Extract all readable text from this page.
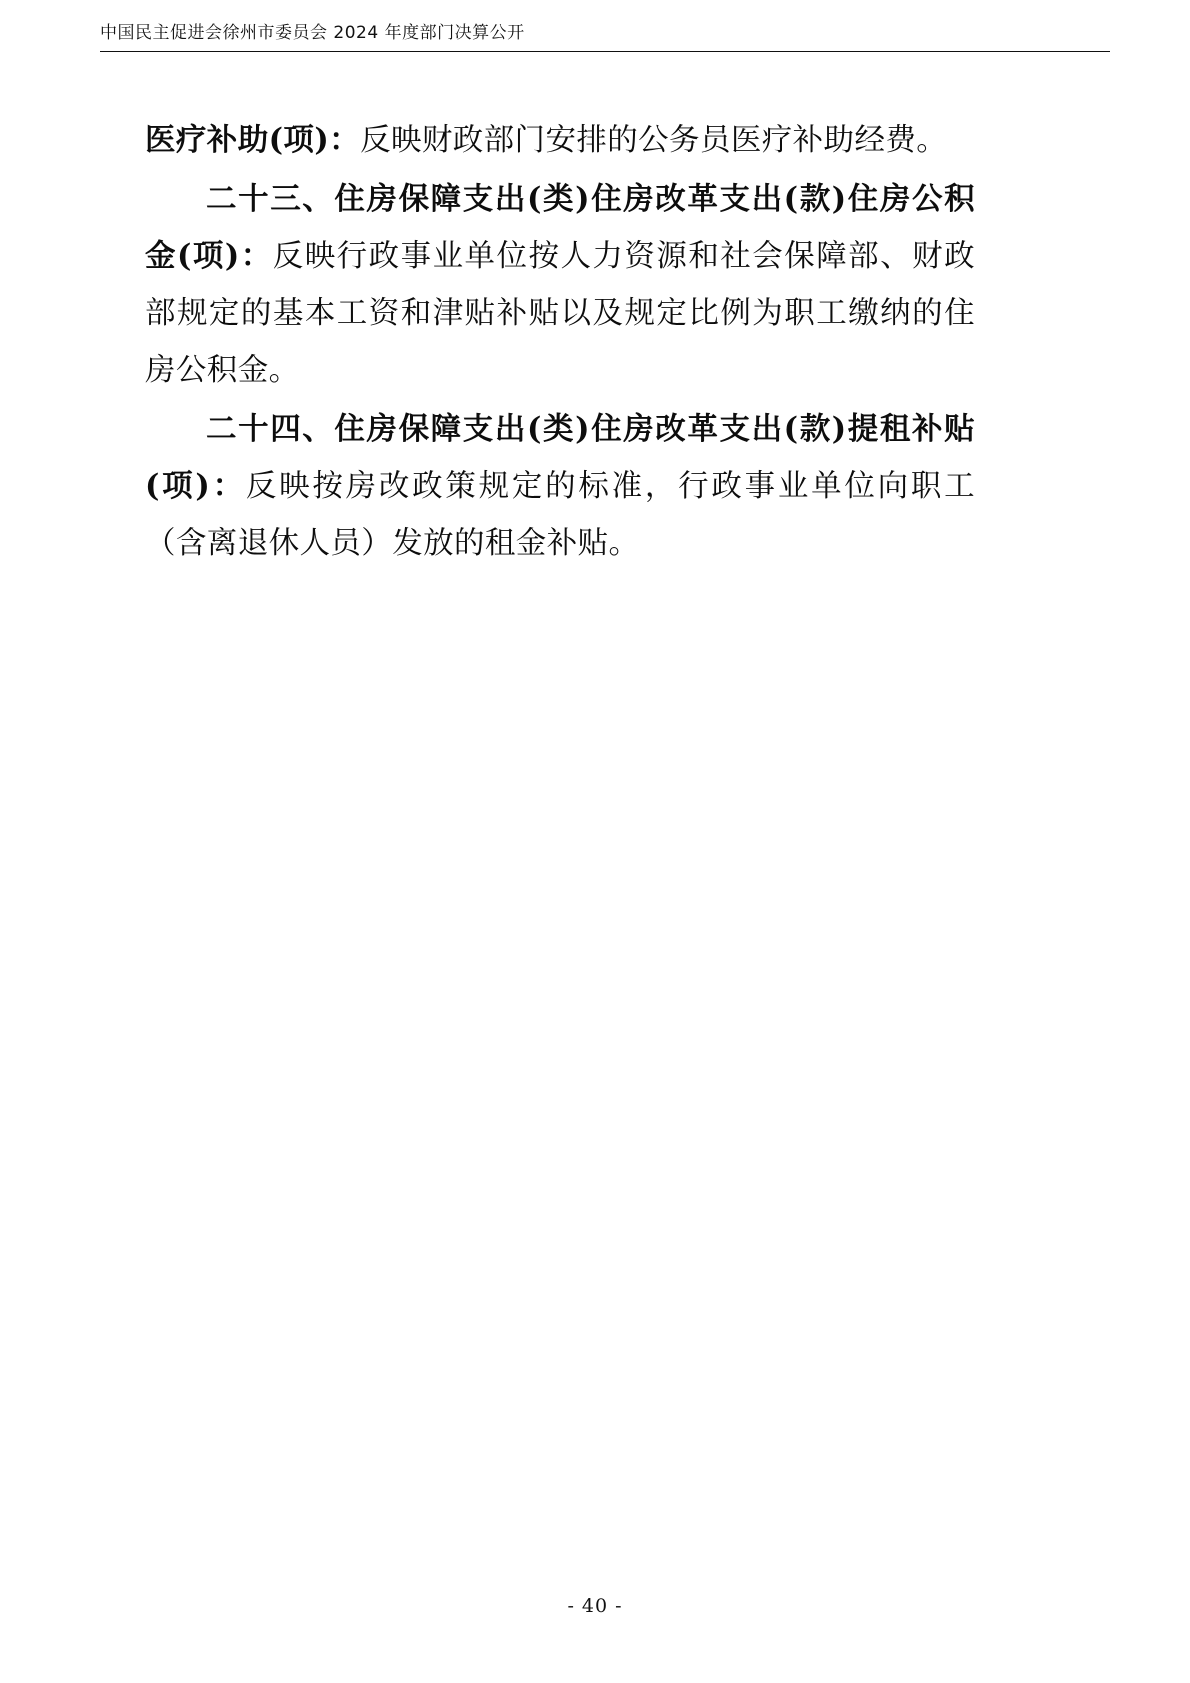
中国民主促进会徐州市委员会 2024 年度部门决算公开

医疗补助(项)：反映财政部门安排的公务员医疗补助经费。

二十三、住房保障支出(类)住房改革支出(款)住房公积金(项)：反映行政事业单位按人力资源和社会保障部、财政部规定的基本工资和津贴补贴以及规定比例为职工缴纳的住房公积金。

二十四、住房保障支出(类)住房改革支出(款)提租补贴(项)：反映按房改政策规定的标准，行政事业单位向职工（含离退休人员）发放的租金补贴。

- 40 -
